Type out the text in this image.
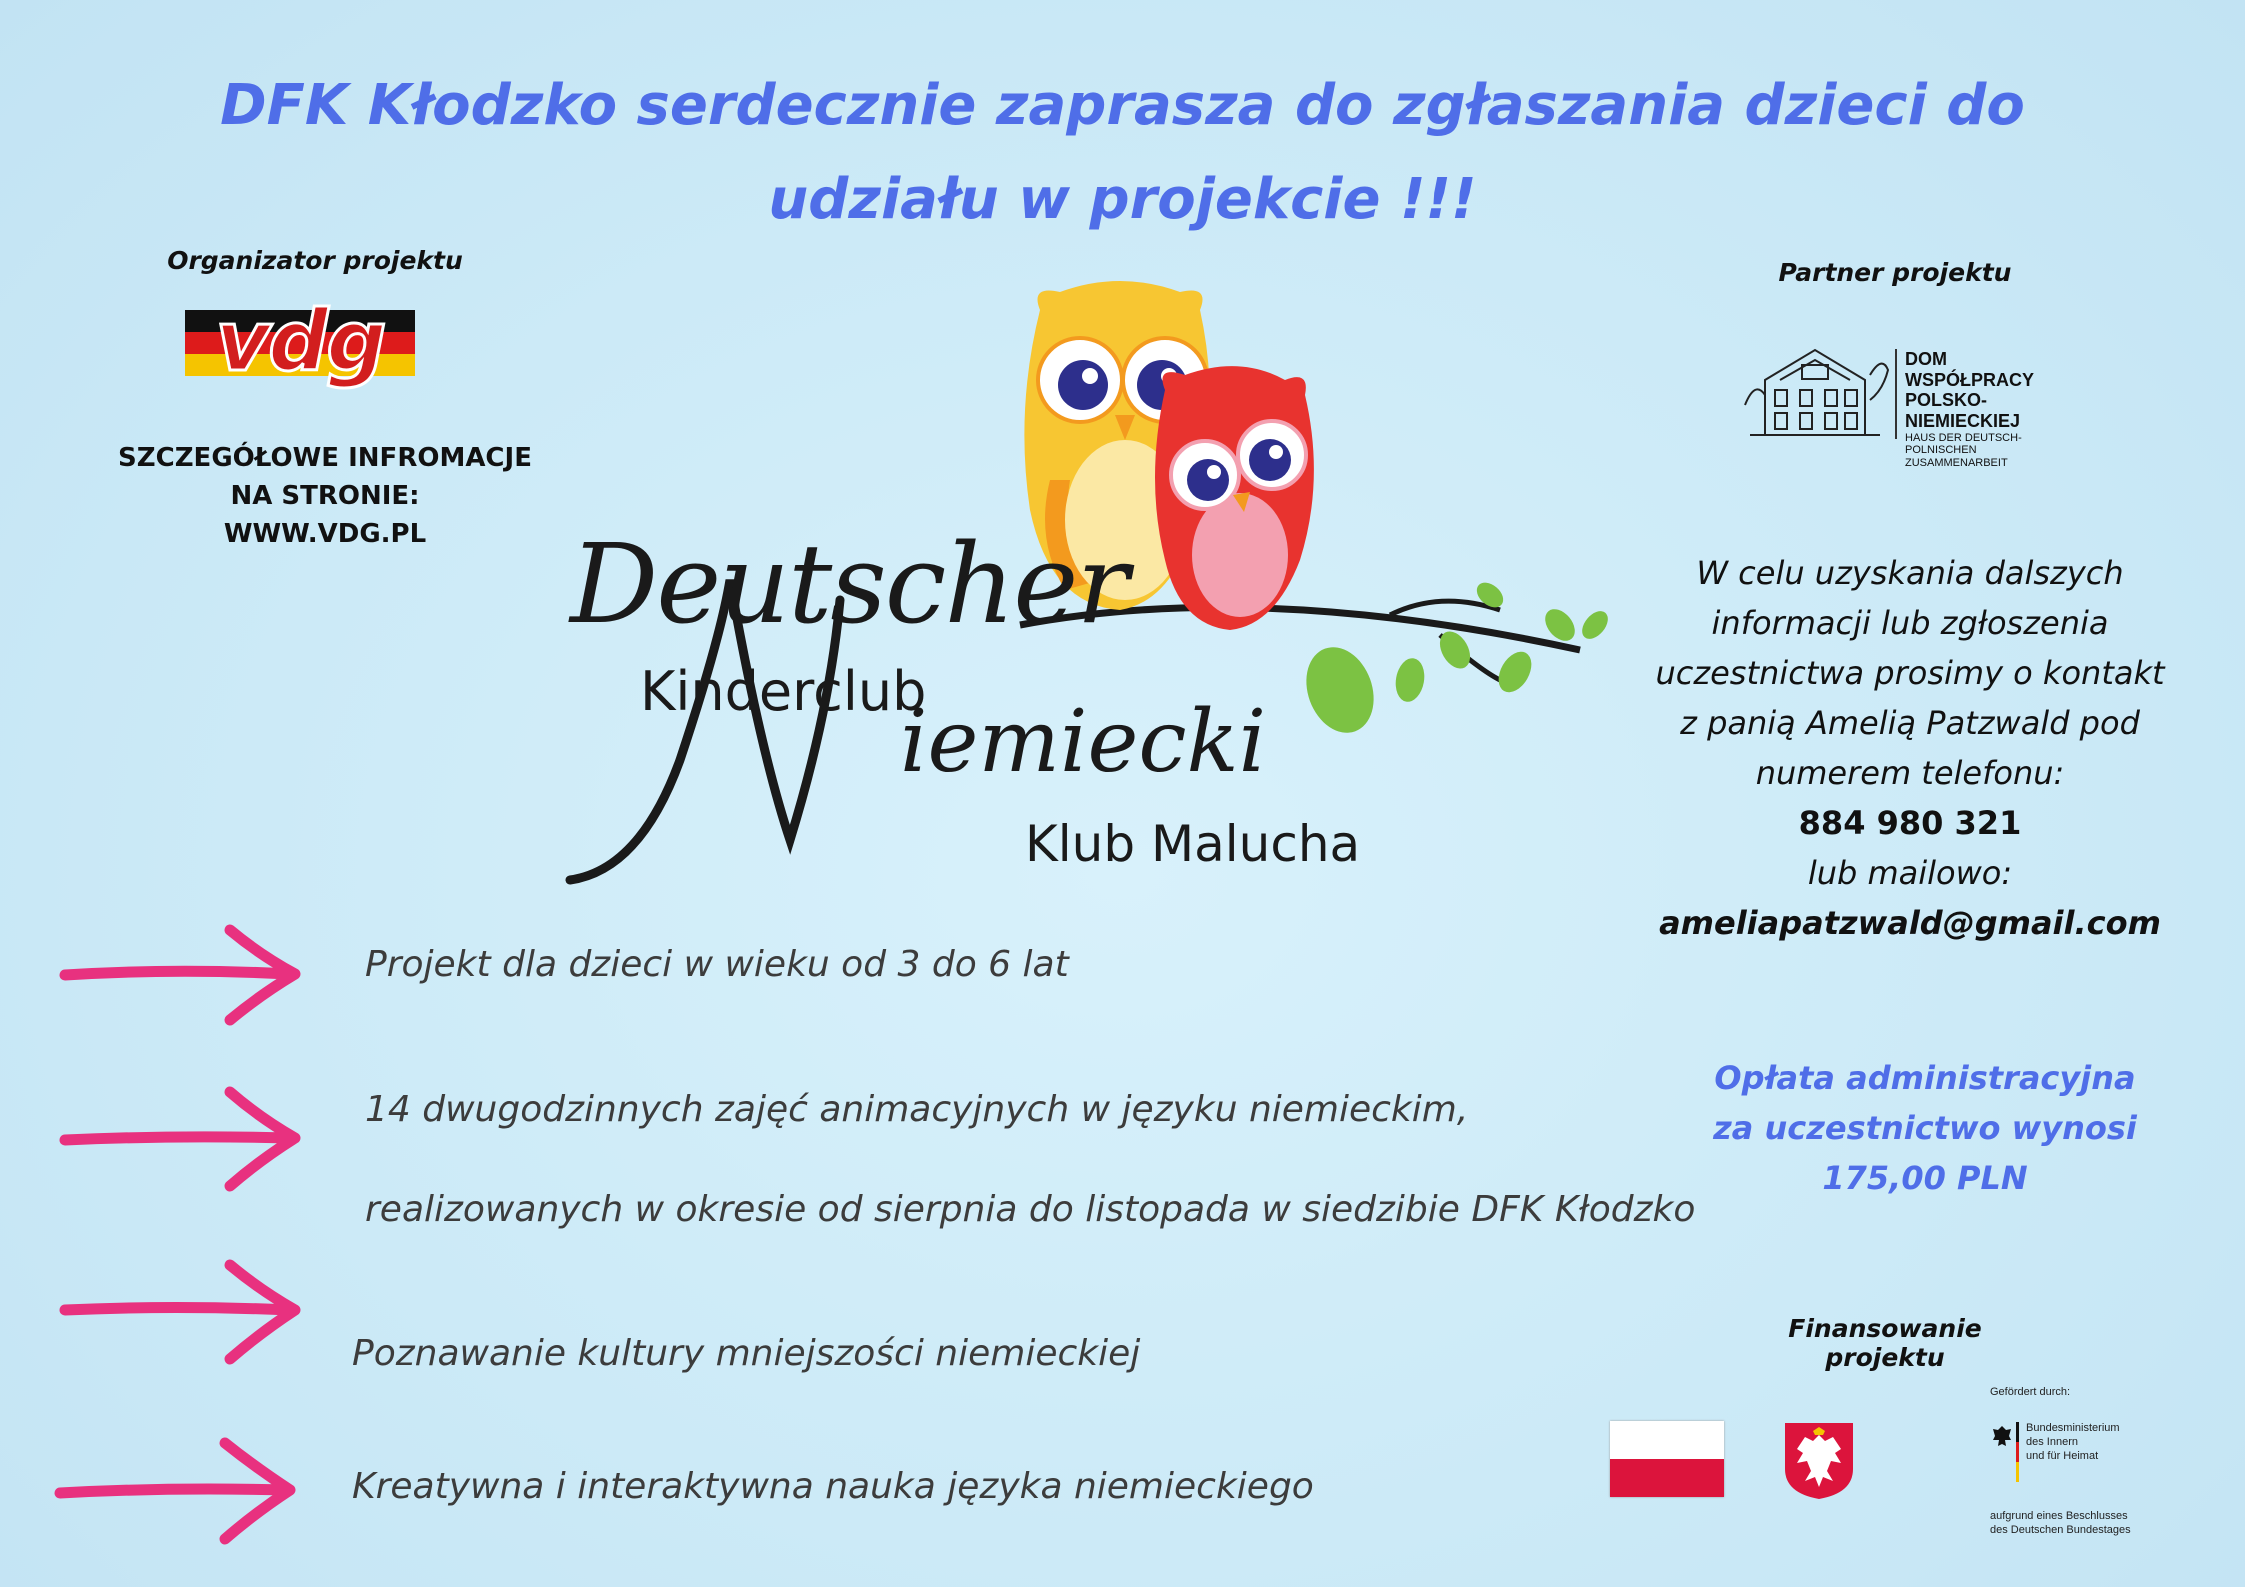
DFK Kłodzko serdecznie zaprasza do zgłaszania dzieci do
udziału w projekcie !!!
Organizator projektu
vdg
SZCZEGÓŁOWE INFROMACJE
NA STRONIE:
WWW.VDG.PL
Partner projektu
DOM WSPÓŁPRACY
POLSKO-NIEMIECKIEJ
HAUS DER DEUTSCH-POLNISCHEN
ZUSAMMENARBEIT
Deutscher
Kinderclub
iemiecki
Klub Malucha
W celu uzyskania dalszych
informacji lub zgłoszenia
uczestnictwa prosimy o kontakt
z panią Amelią Patzwald pod
numerem telefonu:
884 980 321
lub mailowo:
ameliapatzwald@gmail.com
Opłata administracyjna
za uczestnictwo wynosi
175,00 PLN
Projekt dla dzieci w wieku od 3 do 6 lat
14 dwugodzinnych zajęć animacyjnych w języku niemieckim,
realizowanych w okresie od sierpnia do listopada w siedzibie DFK Kłodzko
Poznawanie kultury mniejszości niemieckiej
Kreatywna i interaktywna nauka języka niemieckiego
Finansowanie projektu
Gefördert durch:
Bundesministerium
des Innern
und für Heimat
aufgrund eines Beschlusses
des Deutschen Bundestages
